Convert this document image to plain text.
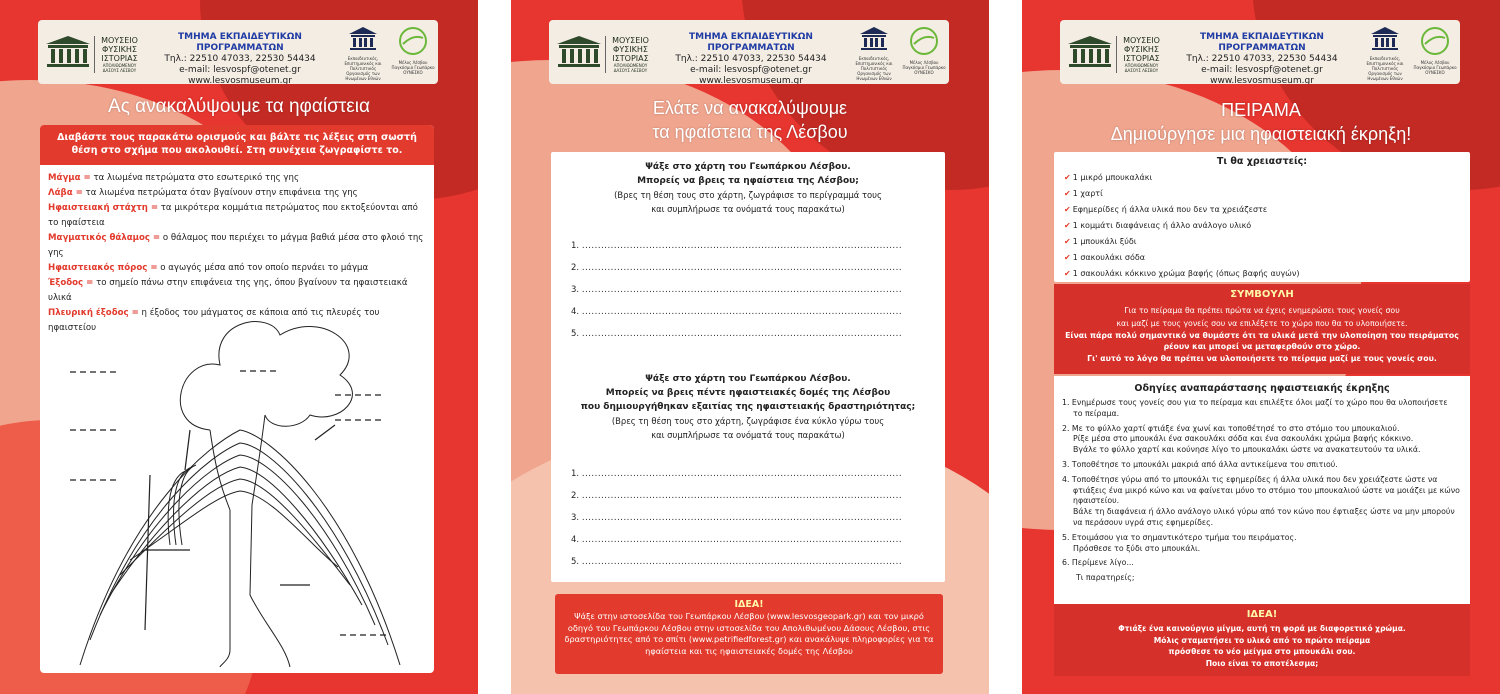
ΜΟΥΣΕΙΟ
ΦΥΣΙΚΗΣ
ΙΣΤΟΡΙΑΣ
ΑΠΟΛΙΘΩΜΕΝΟΥ ΔΑΣΟΥΣ ΛΕΣΒΟΥ
ΤΜΗΜΑ ΕΚΠΑΙΔΕΥΤΙΚΩΝ ΠΡΟΓΡΑΜΜΑΤΩΝ
Τηλ.: 22510 47033, 22530 54434
e-mail: lesvospf@otenet.gr
www.lesvosmuseum.gr
Εκπαιδευτικός, Επιστημονικός και Πολιτιστικός Οργανισμός των Ηνωμένων Εθνών
Μέλος Λέσβου Παγκόσμιο Γεωπάρκο ΟΥΝΕΣΚΟ
Ας ανακαλύψουμε τα ηφαίστεια
Διαβάστε τους παρακάτω ορισμούς και βάλτε τις λέξεις στη σωστή θέση στο σχήμα που ακολουθεί. Στη συνέχεια ζωγραφίστε το.
Μάγμα = τα λιωμένα πετρώματα στο εσωτερικό της γης
Λάβα = τα λιωμένα πετρώματα όταν βγαίνουν στην επιφάνεια της γης
Ηφαιστειακή στάχτη = τα μικρότερα κομμάτια πετρώματος που εκτοξεύονται από το ηφαίστεια
Μαγματικός θάλαμος = ο θάλαμος που περιέχει το μάγμα βαθιά μέσα στο φλοιό της γης
Ηφαιστειακός πόρος = ο αγωγός μέσα από τον οποίο περνάει το μάγμα
Έξοδος = το σημείο πάνω στην επιφάνεια της γης, όπου βγαίνουν τα ηφαιστειακά υλικά
Πλευρική έξοδος = η έξοδος του μάγματος σε κάποια από τις πλευρές του ηφαιστείου
ΜΟΥΣΕΙΟ
ΦΥΣΙΚΗΣ
ΙΣΤΟΡΙΑΣ
ΑΠΟΛΙΘΩΜΕΝΟΥ ΔΑΣΟΥΣ ΛΕΣΒΟΥ
ΤΜΗΜΑ ΕΚΠΑΙΔΕΥΤΙΚΩΝ ΠΡΟΓΡΑΜΜΑΤΩΝ
Τηλ.: 22510 47033, 22530 54434
e-mail: lesvospf@otenet.gr
www.lesvosmuseum.gr
Εκπαιδευτικός, Επιστημονικός και Πολιτιστικός Οργανισμός των Ηνωμένων Εθνών
Μέλος Λέσβου Παγκόσμιο Γεωπάρκο ΟΥΝΕΣΚΟ
Ελάτε να ανακαλύψουμε
τα ηφαίστεια της Λέσβου
Ψάξε στο χάρτη του Γεωπάρκου Λέσβου.
Μπορείς να βρεις τα ηφαίστεια της Λέσβου;
(Βρες τη θέση τους στο χάρτη, ζωγράφισε το περίγραμμά τους
και συμπλήρωσε τα ονόματά τους παρακάτω)
1. ....................................................................................................
2. ....................................................................................................
3. ....................................................................................................
4. ....................................................................................................
5. ....................................................................................................
Ψάξε στο χάρτη του Γεωπάρκου Λέσβου.
Μπορείς να βρεις πέντε ηφαιστειακές δομές της Λέσβου
που δημιουργήθηκαν εξαιτίας της ηφαιστειακής δραστηριότητας;
(Βρες τη θέση τους στο χάρτη, ζωγράφισε ένα κύκλο γύρω τους
και συμπλήρωσε τα ονόματά τους παρακάτω)
1. ....................................................................................................
2. ....................................................................................................
3. ....................................................................................................
4. ....................................................................................................
5. ....................................................................................................
ΙΔΕΑ!
Ψάξε στην ιστοσελίδα του Γεωπάρκου Λέσβου (www.lesvosgeopark.gr) και τον μικρό οδηγό του Γεωπάρκου Λέσβου στην ιστοσελίδα του Απολιθωμένου Δάσους Λέσβου, στις δραστηριότητες από το σπίτι (www.petrifiedforest.gr) και ανακάλυψε πληροφορίες για τα ηφαίστεια και τις ηφαιστειακές δομές της Λέσβου
ΜΟΥΣΕΙΟ
ΦΥΣΙΚΗΣ
ΙΣΤΟΡΙΑΣ
ΑΠΟΛΙΘΩΜΕΝΟΥ ΔΑΣΟΥΣ ΛΕΣΒΟΥ
ΤΜΗΜΑ ΕΚΠΑΙΔΕΥΤΙΚΩΝ ΠΡΟΓΡΑΜΜΑΤΩΝ
Τηλ.: 22510 47033, 22530 54434
e-mail: lesvospf@otenet.gr
www.lesvosmuseum.gr
Εκπαιδευτικός, Επιστημονικός και Πολιτιστικός Οργανισμός των Ηνωμένων Εθνών
Μέλος Λέσβου Παγκόσμιο Γεωπάρκο ΟΥΝΕΣΚΟ
ΠΕΙΡΑΜΑ
Δημιούργησε μια ηφαιστειακή έκρηξη!
Τι θα χρειαστείς:
✔ 1 μικρό μπουκαλάκι
✔ 1 χαρτί
✔ Εφημερίδες ή άλλα υλικά που δεν τα χρειάζεστε
✔ 1 κομμάτι διαφάνειας ή άλλο ανάλογο υλικό
✔ 1 μπουκάλι ξύδι
✔ 1 σακουλάκι σόδα
✔ 1 σακουλάκι κόκκινο χρώμα βαφής (όπως βαφής αυγών)
ΣΥΜΒΟΥΛΗ
Για το πείραμα θα πρέπει πρώτα να έχεις ενημερώσει τους γονείς σου
και μαζί με τους γονείς σου να επιλέξετε το χώρο που θα το υλοποιήσετε.
Είναι πάρα πολύ σημαντικό να θυμάστε ότι τα υλικά μετά την υλοποίηση του πειράματος
ρέουν και μπορεί να μεταφερθούν στο χώρο.
Γι' αυτό το λόγο θα πρέπει να υλοποιήσετε το πείραμα μαζί με τους γονείς σου.
Οδηγίες αναπαράστασης ηφαιστειακής έκρηξης
1. Ενημέρωσε τους γονείς σου για το πείραμα και επιλέξτε όλοι μαζί το χώρο που θα υλοποιήσετε
το πείραμα.
2. Με το φύλλο χαρτί φτιάξε ένα χωνί και τοποθέτησέ το στο στόμιο του μπουκαλιού.
Ρίξε μέσα στο μπουκάλι ένα σακουλάκι σόδα και ένα σακουλάκι χρώμα βαφής κόκκινο.
Βγάλε το φύλλο χαρτί και κούνησε λίγο το μπουκαλάκι ώστε να ανακατευτούν τα υλικά.
3. Τοποθέτησε το μπουκάλι μακριά από άλλα αντικείμενα του σπιτιού.
4. Τοποθέτησε γύρω από το μπουκάλι τις εφημερίδες ή άλλα υλικά που δεν χρειάζεστε ώστε να
φτιάξεις ένα μικρό κώνο και να φαίνεται μόνο το στόμιο του μπουκαλιού ώστε να μοιάζει με κώνο
ηφαιστείου.
Βάλε τη διαφάνεια ή άλλο ανάλογο υλικό γύρω από τον κώνο που έφτιαξες ώστε να μην μπορούν
να περάσουν υγρά στις εφημερίδες.
5. Ετοιμάσου για το σημαντικότερο τμήμα του πειράματος.
Πρόσθεσε το ξύδι στο μπουκάλι.
6. Περίμενε λίγο...
Τι παρατηρείς;
ΙΔΕΑ!
Φτιάξε ένα καινούργιο μίγμα, αυτή τη φορά με διαφορετικό χρώμα.
Μόλις σταματήσει το υλικό από το πρώτο πείραμα
πρόσθεσε το νέο μείγμα στο μπουκάλι σου.
Ποιο είναι το αποτέλεσμα;
